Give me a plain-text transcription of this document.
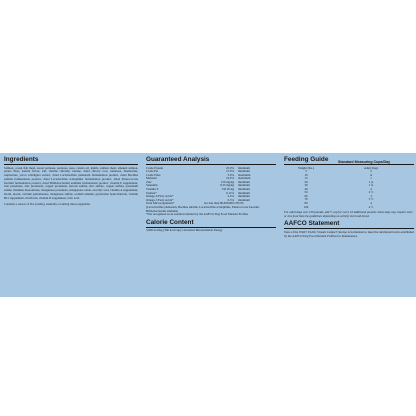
Ingredients
Salmon, ocean fish meal, sweet potatoes, potatoes, peas, canola oil, lentils, salmon meal, smoked salmon, potato fiber, natural flavor, salt, choline chloride, taurine, dried chicory root, tomatoes, blueberries, raspberries, yucca schidigera extract, dried Lactobacillus plantarum fermentation product, dried Bacillus subtilis fermentation product, dried Lactobacillus acidophilus fermentation product, dried Enterococcus faecium fermentation product, dried Bifidobacterium animalis fermentation product, vitamin E supplement, iron proteinate, zinc proteinate, copper proteinate, ferrous sulfate, zinc sulfate, copper sulfate, potassium iodide, thiamine mononitrate, manganese proteinate, manganous oxide, ascorbic acid, vitamin A supplement, biotin, niacin, calcium pantothenate, manganese sulfate, sodium selenite, pyridoxine hydrochloride, vitamin B12 supplement, riboflavin, vitamin D supplement, folic acid.
Contains a source of live (viable), naturally occurring microorganisms.
Guaranteed Analysis
Crude Protein	25.0%	minimum
Crude Fat	15.0%	minimum
Crude Fiber	3.0%	maximum
Moisture	10.0%	maximum
Zinc	150 mg/kg	minimum
Selenium	0.35 mg/kg	minimum
Vitamin E	150 IU/kg	minimum
Taurine*	0.12%	minimum
Omega-6 Fatty Acids*	2.4%	minimum
Omega-3 Fatty Acids*	0.3%	minimum
Total Microorganisms*	not less than 80,000,000 CFU/lb
(Lactobacillus plantarum, Bacillus subtilis, Lactobacillus acidophilus, Enterococcus faecium, Bifidobacterium animalis)
*Not recognized as an essential nutrient by the AAFCO Dog Food Nutrient Profiles
Calorie Content
3,600 kcal/kg (360 kcal/cup) Calculated Metabolizable Energy
Feeding Guide	Standard Measuring Cups/Day
Weight (lbs.)	Adult Dogs
5	½
10	¾
15	1
20	1 ¼
30	1 ¾
40	2
50	2 ½
60	3
70	3 ½
80	4
100	4 ½
For adult dogs over 100 pounds, add ½ cup for every 10 additional pounds. Some dogs may require more or less food than the guidelines depending on activity level and breed.
AAFCO Statement
Taste of the Wild® Pacific Stream Canine® Recipe is formulated to meet the nutritional levels established by the AAFCO Dog Food Nutrient Profiles for maintenance.
